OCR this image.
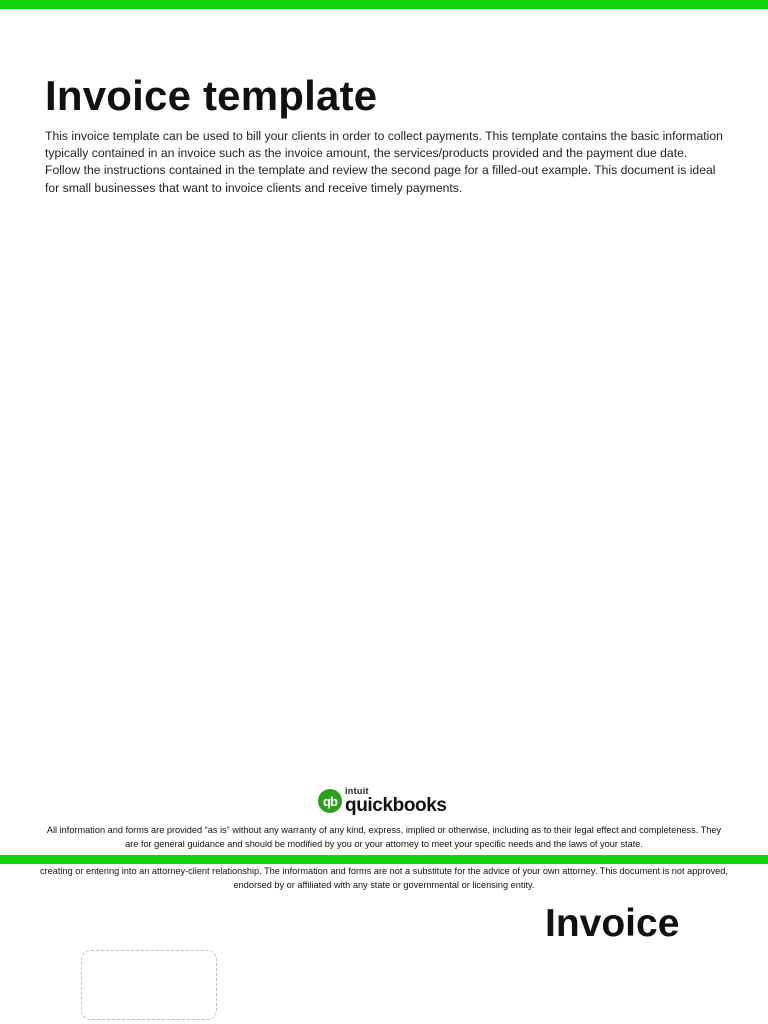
Invoice template

This invoice template can be used to bill your clients in order to collect payments. This template contains the basic information typically contained in an invoice such as the invoice amount, the services/products provided and the payment due date. Follow the instructions contained in the template and review the second page for a filled-out example. This document is ideal for small businesses that want to invoice clients and receive timely payments.

qb
intuit
quickbooks

All information and forms are provided “as is” without any warranty of any kind, express, implied or otherwise, including as to their legal effect and completeness. They are for general guidance and should be modified by you or your attorney to meet your specific needs and the laws of your state.

creating or entering into an attorney-client relationship. The information and forms are not a substitute for the advice of your own attorney. This document is not approved, endorsed by or affiliated with any state or governmental or licensing entity.

Invoice
